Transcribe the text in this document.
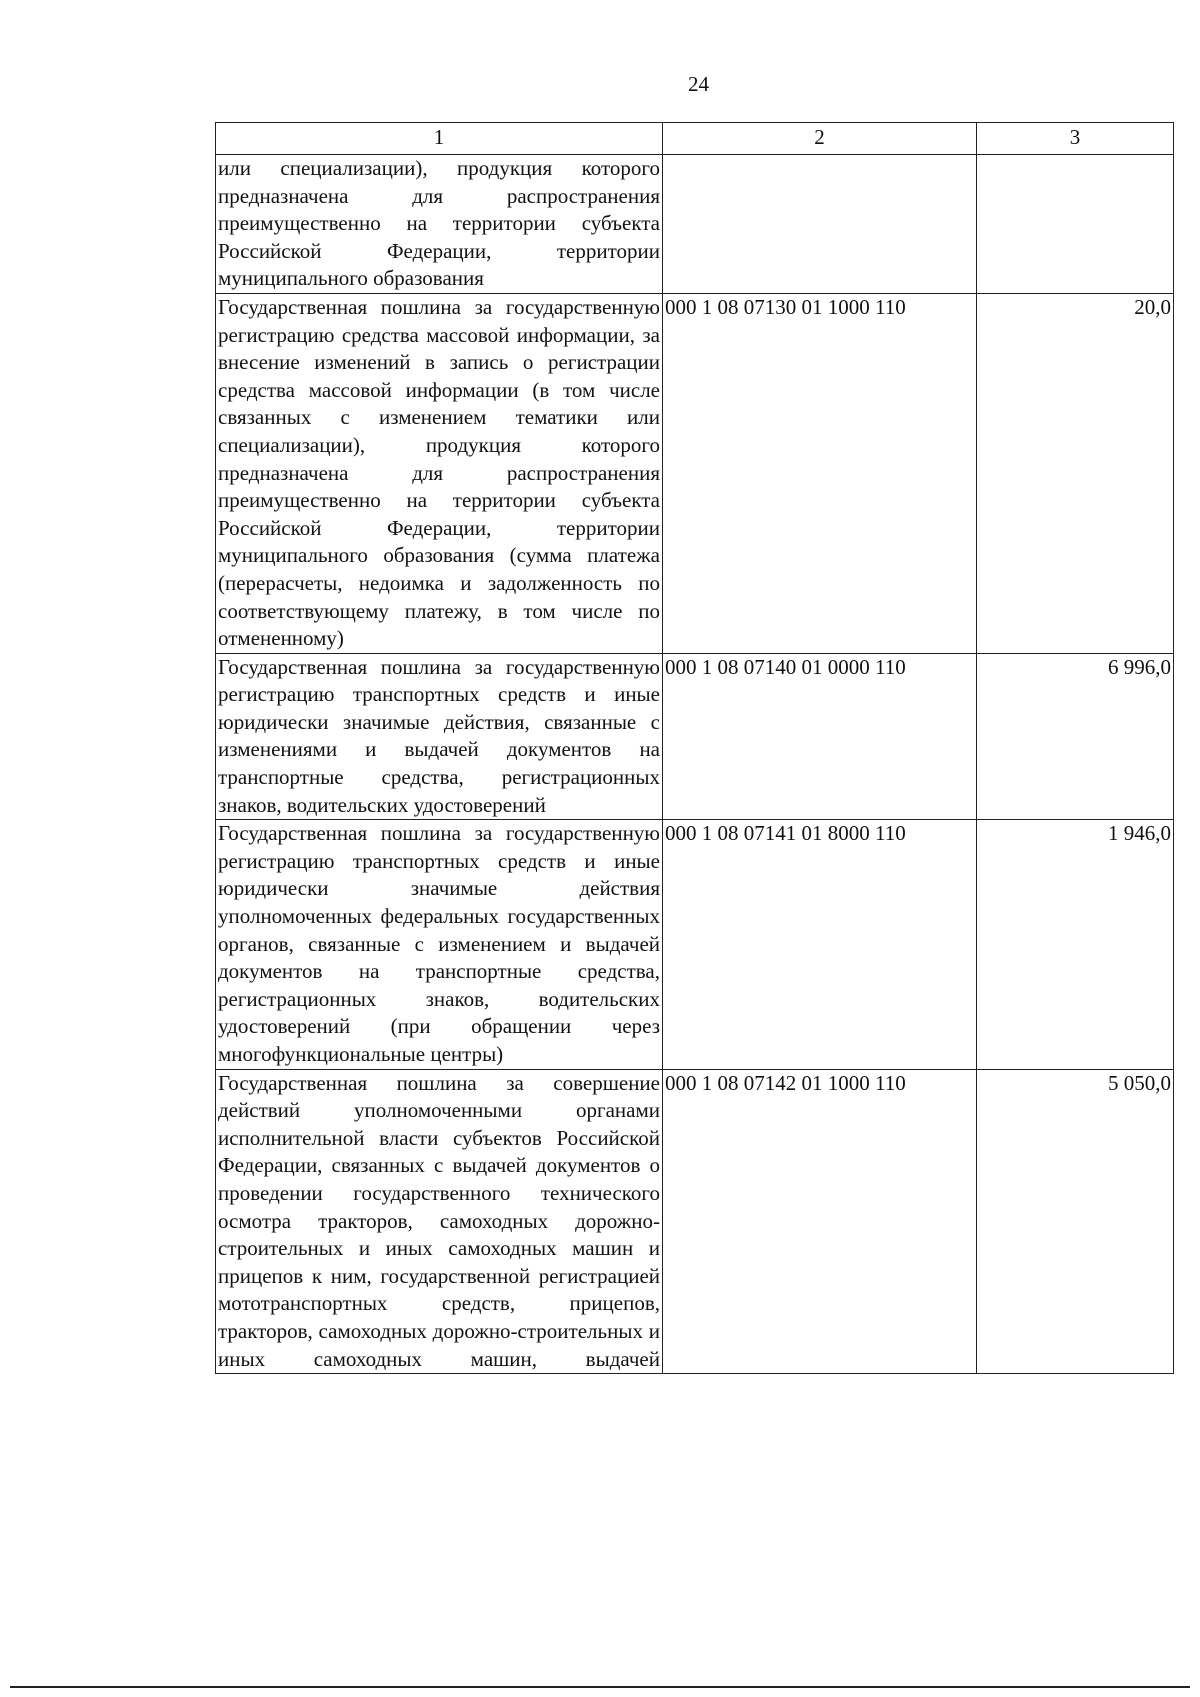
24
1	2	3
или специализации), продукция которого предназначена для распространения преимущественно на территории субъекта Российской Федерации, территории муниципального образования		
Государственная пошлина за государственную регистрацию средства массовой информации, за внесение изменений в запись о регистрации средства массовой информации (в том числе связанных с изменением тематики или специализации), продукция которого предназначена для распространения преимущественно на территории субъекта Российской Федерации, территории муниципального образования (сумма платежа (перерасчеты, недоимка и задолженность по соответствующему платежу, в том числе по отмененному)	000 1 08 07130 01 1000 110	20,0
Государственная пошлина за государственную регистрацию транспортных средств и иные юридически значимые действия, связанные с изменениями и выдачей документов на транспортные средства, регистрационных знаков, водительских удостоверений	000 1 08 07140 01 0000 110	6 996,0
Государственная пошлина за государственную регистрацию транспортных средств и иные юридически значимые действия уполномоченных федеральных государственных органов, связанные с изменением и выдачей документов на транспортные средства, регистрационных знаков, водительских удостоверений (при обращении через многофункциональные центры)	000 1 08 07141 01 8000 110	1 946,0
Государственная пошлина за совершение действий уполномоченными органами исполнительной власти субъектов Российской Федерации, связанных с выдачей документов о проведении государственного технического осмотра тракторов, самоходных дорожно-строительных и иных самоходных машин и прицепов к ним, государственной регистрацией мототранспортных средств, прицепов, тракторов, самоходных дорожно-строительных и иных самоходных машин, выдачей	000 1 08 07142 01 1000 110	5 050,0
